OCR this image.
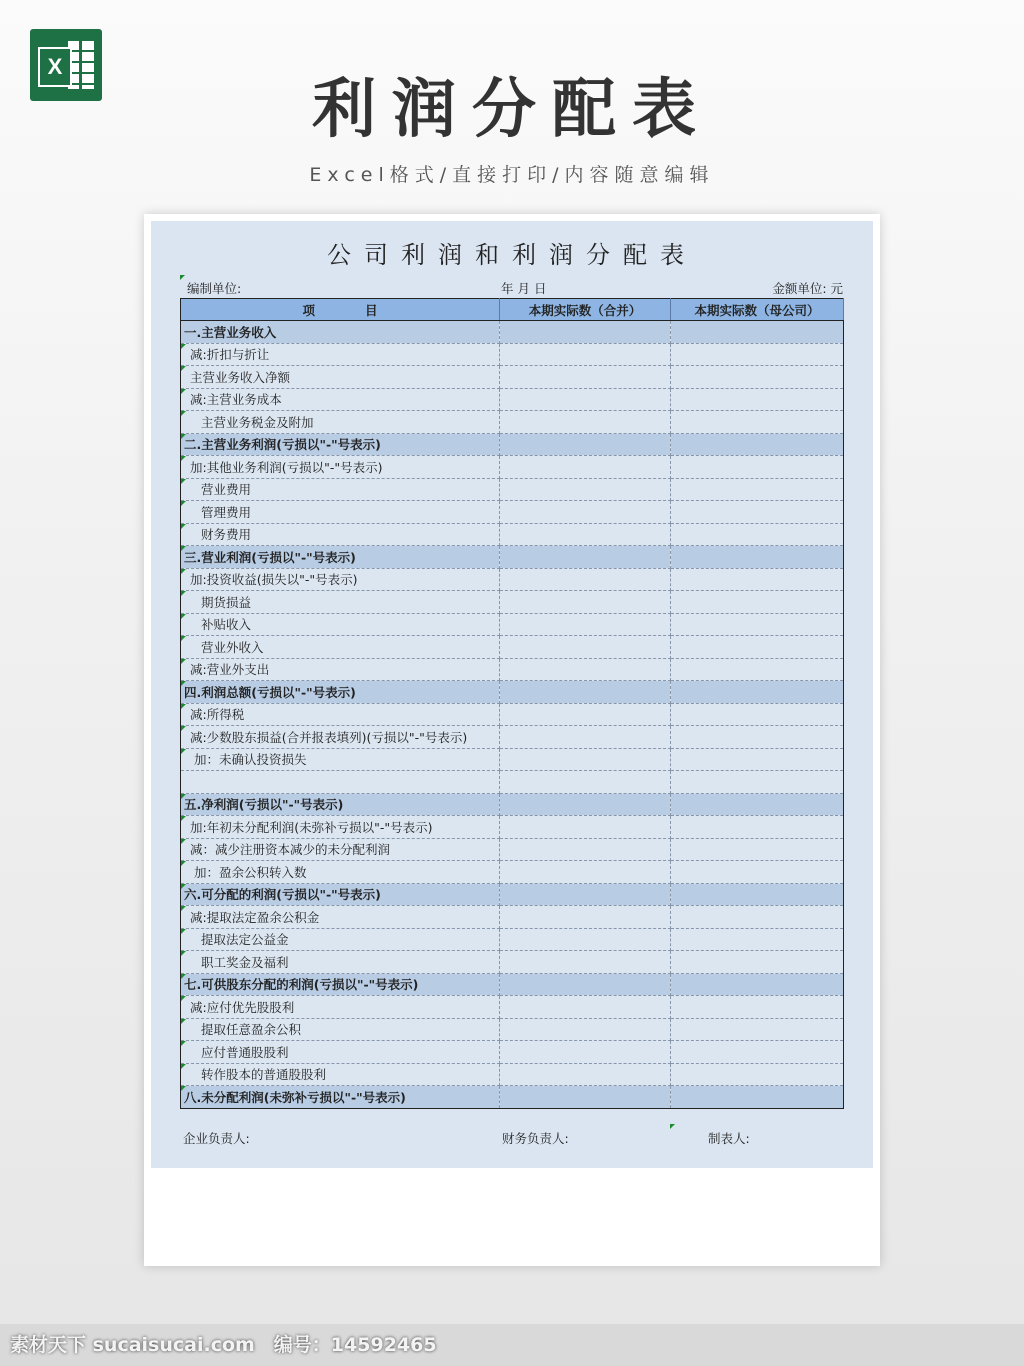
X
利润分配表
Excel格式/直接打印/内容随意编辑
公司利润和利润分配表
编制单位:	年 月 日	金额单位: 元
项　　　　目	本期实际数（合并）	本期实际数（母公司）
一.主营业务收入		
减:折扣与折让

主营业务收入净额

减:主营业务成本

主营业务税金及附加

二.主营业务利润(亏损以"-"号表示)

加:其他业务利润(亏损以"-"号表示)

营业费用

管理费用

财务费用

三.营业利润(亏损以"-"号表示)

加:投资收益(损失以"-"号表示)

期货损益

补贴收入

营业外收入

减:营业外支出

四.利润总额(亏损以"-"号表示)

减:所得税

减:少数股东损益(合并报表填列)(亏损以"-"号表示)

加：未确认投资损失

五.净利润(亏损以"-"号表示)

加:年初未分配利润(未弥补亏损以"-"号表示)

减：减少注册资本减少的未分配利润

加：盈余公积转入数

六.可分配的利润(亏损以"-"号表示)

减:提取法定盈余公积金

提取法定公益金

职工奖金及福利

七.可供股东分配的利润(亏损以"-"号表示)

减:应付优先股股利

提取任意盈余公积

应付普通股股利

转作股本的普通股股利

八.未分配利润(未弥补亏损以"-"号表示)

企业负责人:	财务负责人:	制表人:
素材天下 sucaisucai.com　编号：14592465
